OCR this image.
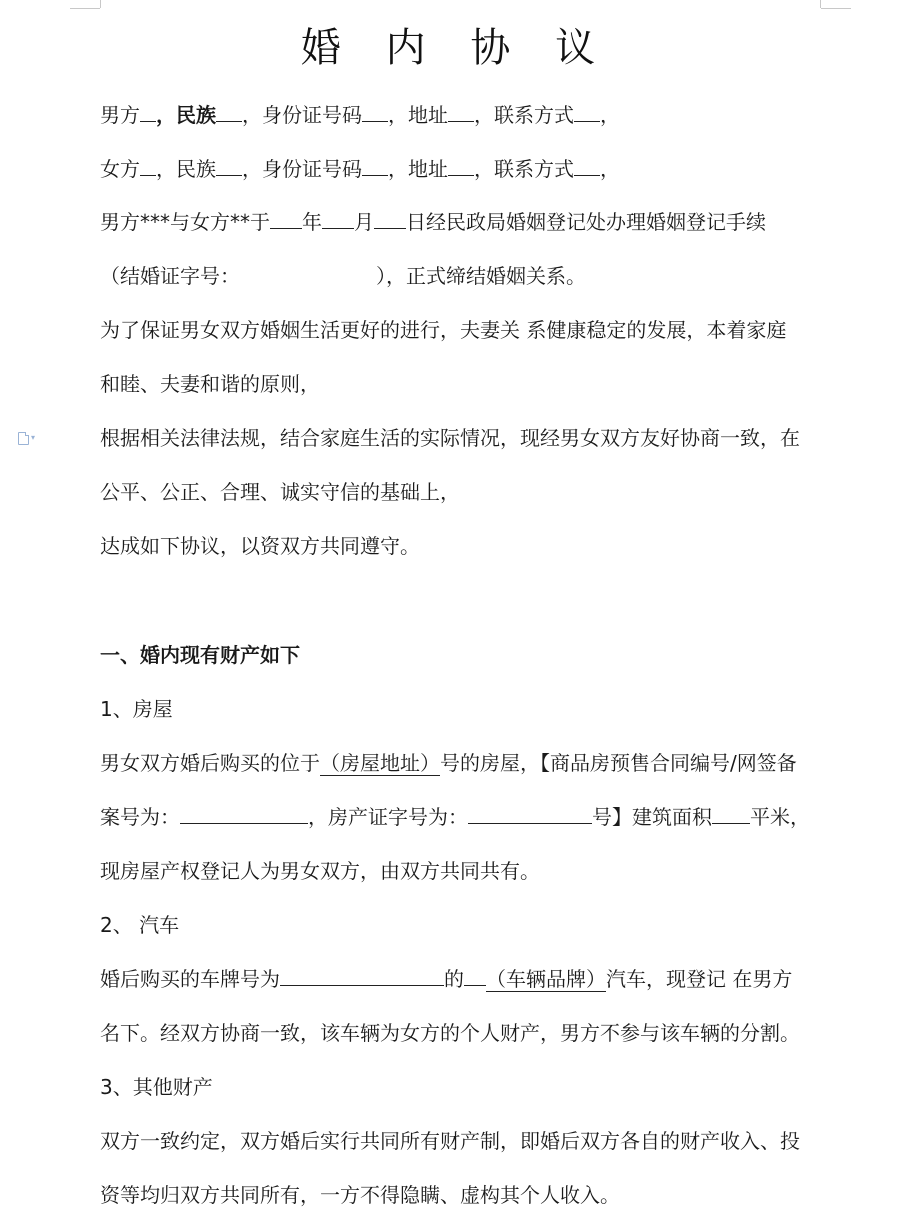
婚 内 协 议
男方 ，民族 ，身份证号码 ，地址 ，联系方式 ，
女方 ，民族 ，身份证号码 ，地址 ，联系方式 ，
男方***与女方**于 年 月 日经民政局婚姻登记处办理婚姻登记手续
（结婚证字号：	），正式缔结婚姻关系。
为了保证男女双方婚姻生活更好的进行，夫妻关 系健康稳定的发展，本着家庭
和睦、夫妻和谐的原则，
▾	根据相关法律法规，结合家庭生活的实际情况，现经男女双方友好协商一致，在
公平、公正、合理、诚实守信的基础上，
达成如下协议，以资双方共同遵守。
一、婚内现有财产如下
1、房屋
男女双方婚后购买的位于（房屋地址）号的房屋，【商品房预售合同编号/网签备
案号为：	，房产证字号为：	号】建筑面积 平米，
现房屋产权登记人为男女双方，由双方共同共有。
2、 汽车
婚后购买的车牌号为	的 （车辆品牌）汽车，现登记 在男方
名下。经双方协商一致，该车辆为女方的个人财产，男方不参与该车辆的分割。
3、其他财产
双方一致约定，双方婚后实行共同所有财产制，即婚后双方各自的财产收入、投
资等均归双方共同所有，一方不得隐瞒、虚构其个人收入。
